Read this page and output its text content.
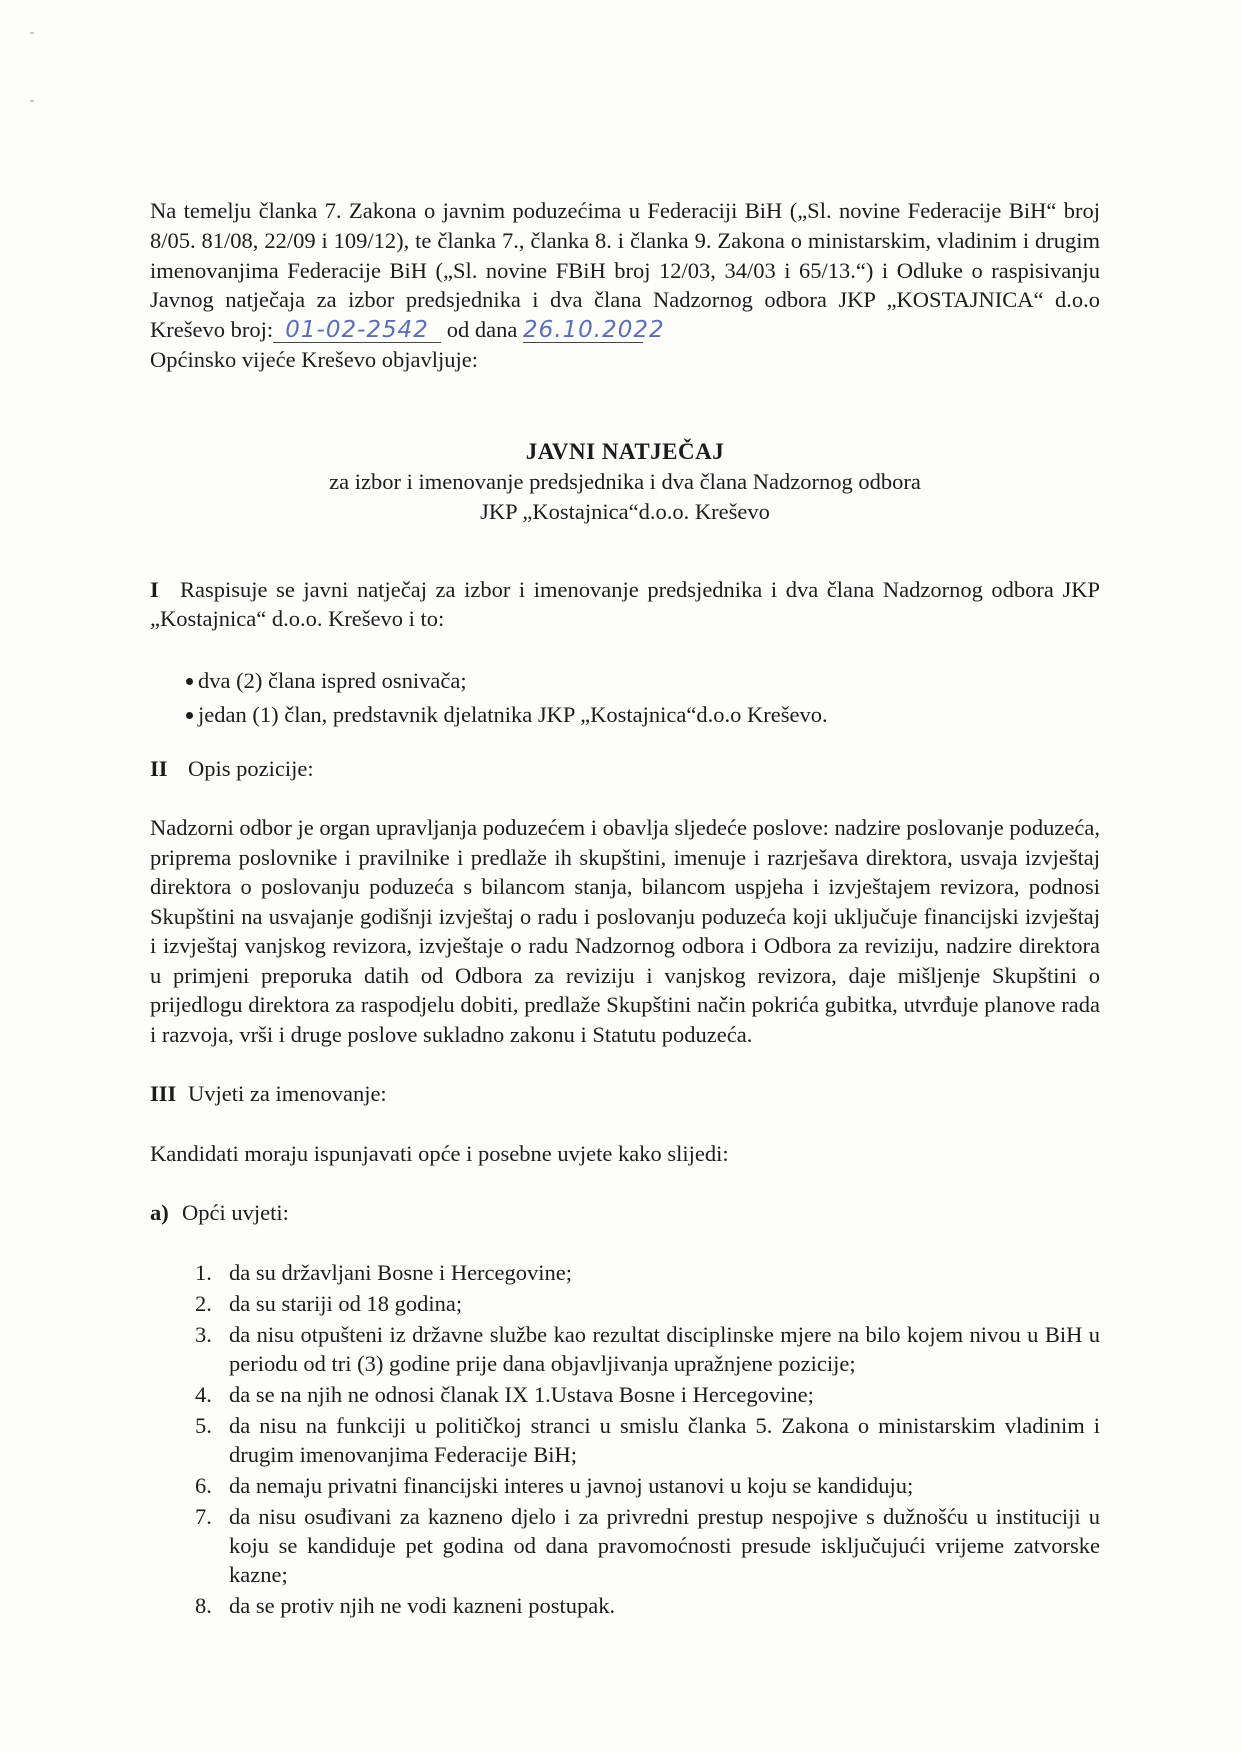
Na temelju članka 7. Zakona o javnim poduzećima u Federaciji BiH („Sl. novine Federacije BiH“ broj 8/05. 81/08, 22/09 i 109/12), te članka 7., članka 8. i članka 9. Zakona o ministarskim, vladinim i drugim imenovanjima Federacije BiH („Sl. novine FBiH broj 12/03, 34/03 i 65/13.“) i Odluke o raspisivanju Javnog natječaja za izbor predsjednika i dva člana Nadzornog odbora JKP „KOSTAJNICA“ d.o.o Kreševo broj: 01-02-2542 od dana 26.10.2022

Općinsko vijeće Kreševo objavljuje:

JAVNI NATJEČAJ
za izbor i imenovanje predsjednika i dva člana Nadzornog odbora
JKP „Kostajnica“d.o.o. Kreševo

I Raspisuje se javni natječaj za izbor i imenovanje predsjednika i dva člana Nadzornog odbora JKP „Kostajnica“ d.o.o. Kreševo i to:

dva (2) člana ispred osnivača;
jedan (1) član, predstavnik djelatnika JKP „Kostajnica“d.o.o Kreševo.

II Opis pozicije:

Nadzorni odbor je organ upravljanja poduzećem i obavlja sljedeće poslove: nadzire poslovanje poduzeća, priprema poslovnike i pravilnike i predlaže ih skupštini, imenuje i razrješava direktora, usvaja izvještaj direktora o poslovanju poduzeća s bilancom stanja, bilancom uspjeha i izvještajem revizora, podnosi Skupštini na usvajanje godišnji izvještaj o radu i poslovanju poduzeća koji uključuje financijski izvještaj i izvještaj vanjskog revizora, izvještaje o radu Nadzornog odbora i Odbora za reviziju, nadzire direktora u primjeni preporuka datih od Odbora za reviziju i vanjskog revizora, daje mišljenje Skupštini o prijedlogu direktora za raspodjelu dobiti, predlaže Skupštini način pokrića gubitka, utvrđuje planove rada i razvoja, vrši i druge poslove sukladno zakonu i Statutu poduzeća.

III Uvjeti za imenovanje:

Kandidati moraju ispunjavati opće i posebne uvjete kako slijedi:

a) Opći uvjeti:

1. da su državljani Bosne i Hercegovine;
2. da su stariji od 18 godina;
3. da nisu otpušteni iz državne službe kao rezultat disciplinske mjere na bilo kojem nivou u BiH u periodu od tri (3) godine prije dana objavljivanja upražnjene pozicije;
4. da se na njih ne odnosi članak IX 1.Ustava Bosne i Hercegovine;
5. da nisu na funkciji u političkoj stranci u smislu članka 5. Zakona o ministarskim vladinim i drugim imenovanjima Federacije BiH;
6. da nemaju privatni financijski interes u javnoj ustanovi u koju se kandiduju;
7. da nisu osuđivani za kazneno djelo i za privredni prestup nespojive s dužnošću u instituciji u koju se kandiduje pet godina od dana pravomoćnosti presude isključujući vrijeme zatvorske kazne;
8. da se protiv njih ne vodi kazneni postupak.
